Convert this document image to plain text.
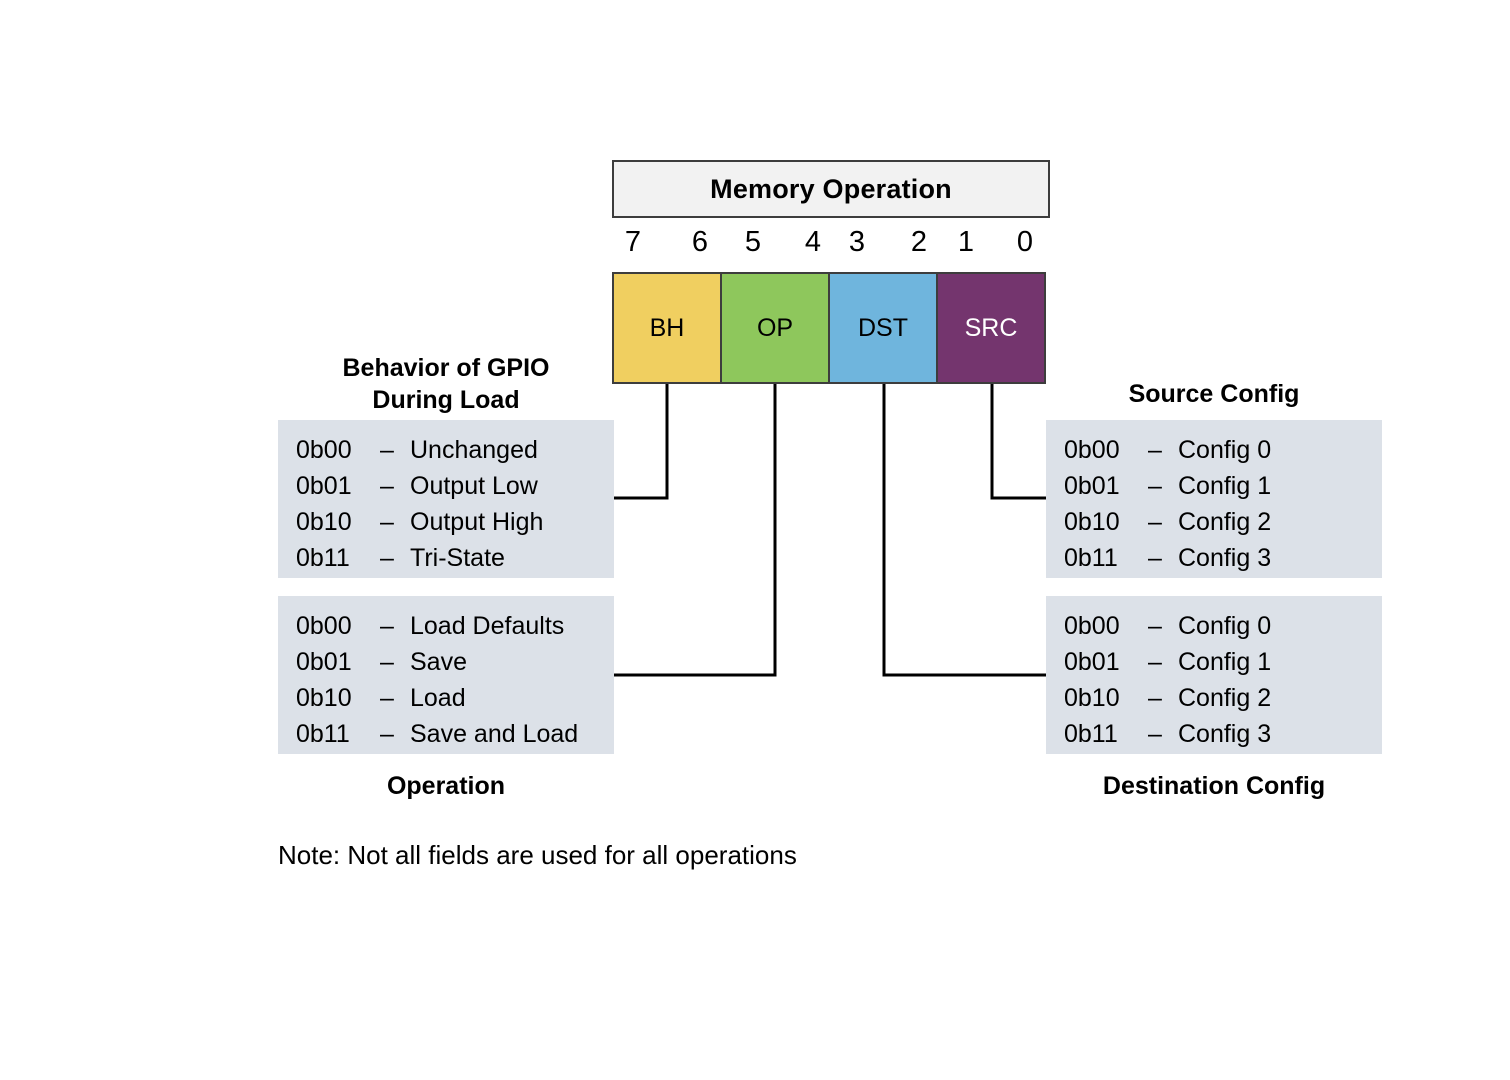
Memory Operation
7 6 5 4 3 2 1 0
BH	OP	DST	SRC
Behavior of GPIO
During Load
0b00	– Unchanged
0b01	– Output Low
0b10	– Output High
0b11	– Tri-State
0b00	– Load Defaults
0b01	– Save
0b10	– Load
0b11	– Save and Load
Operation
Source Config
0b00	– Config 0
0b01	– Config 1
0b10	– Config 2
0b11	– Config 3
0b00	– Config 0
0b01	– Config 1
0b10	– Config 2
0b11	– Config 3
Destination Config
Note: Not all fields are used for all operations
